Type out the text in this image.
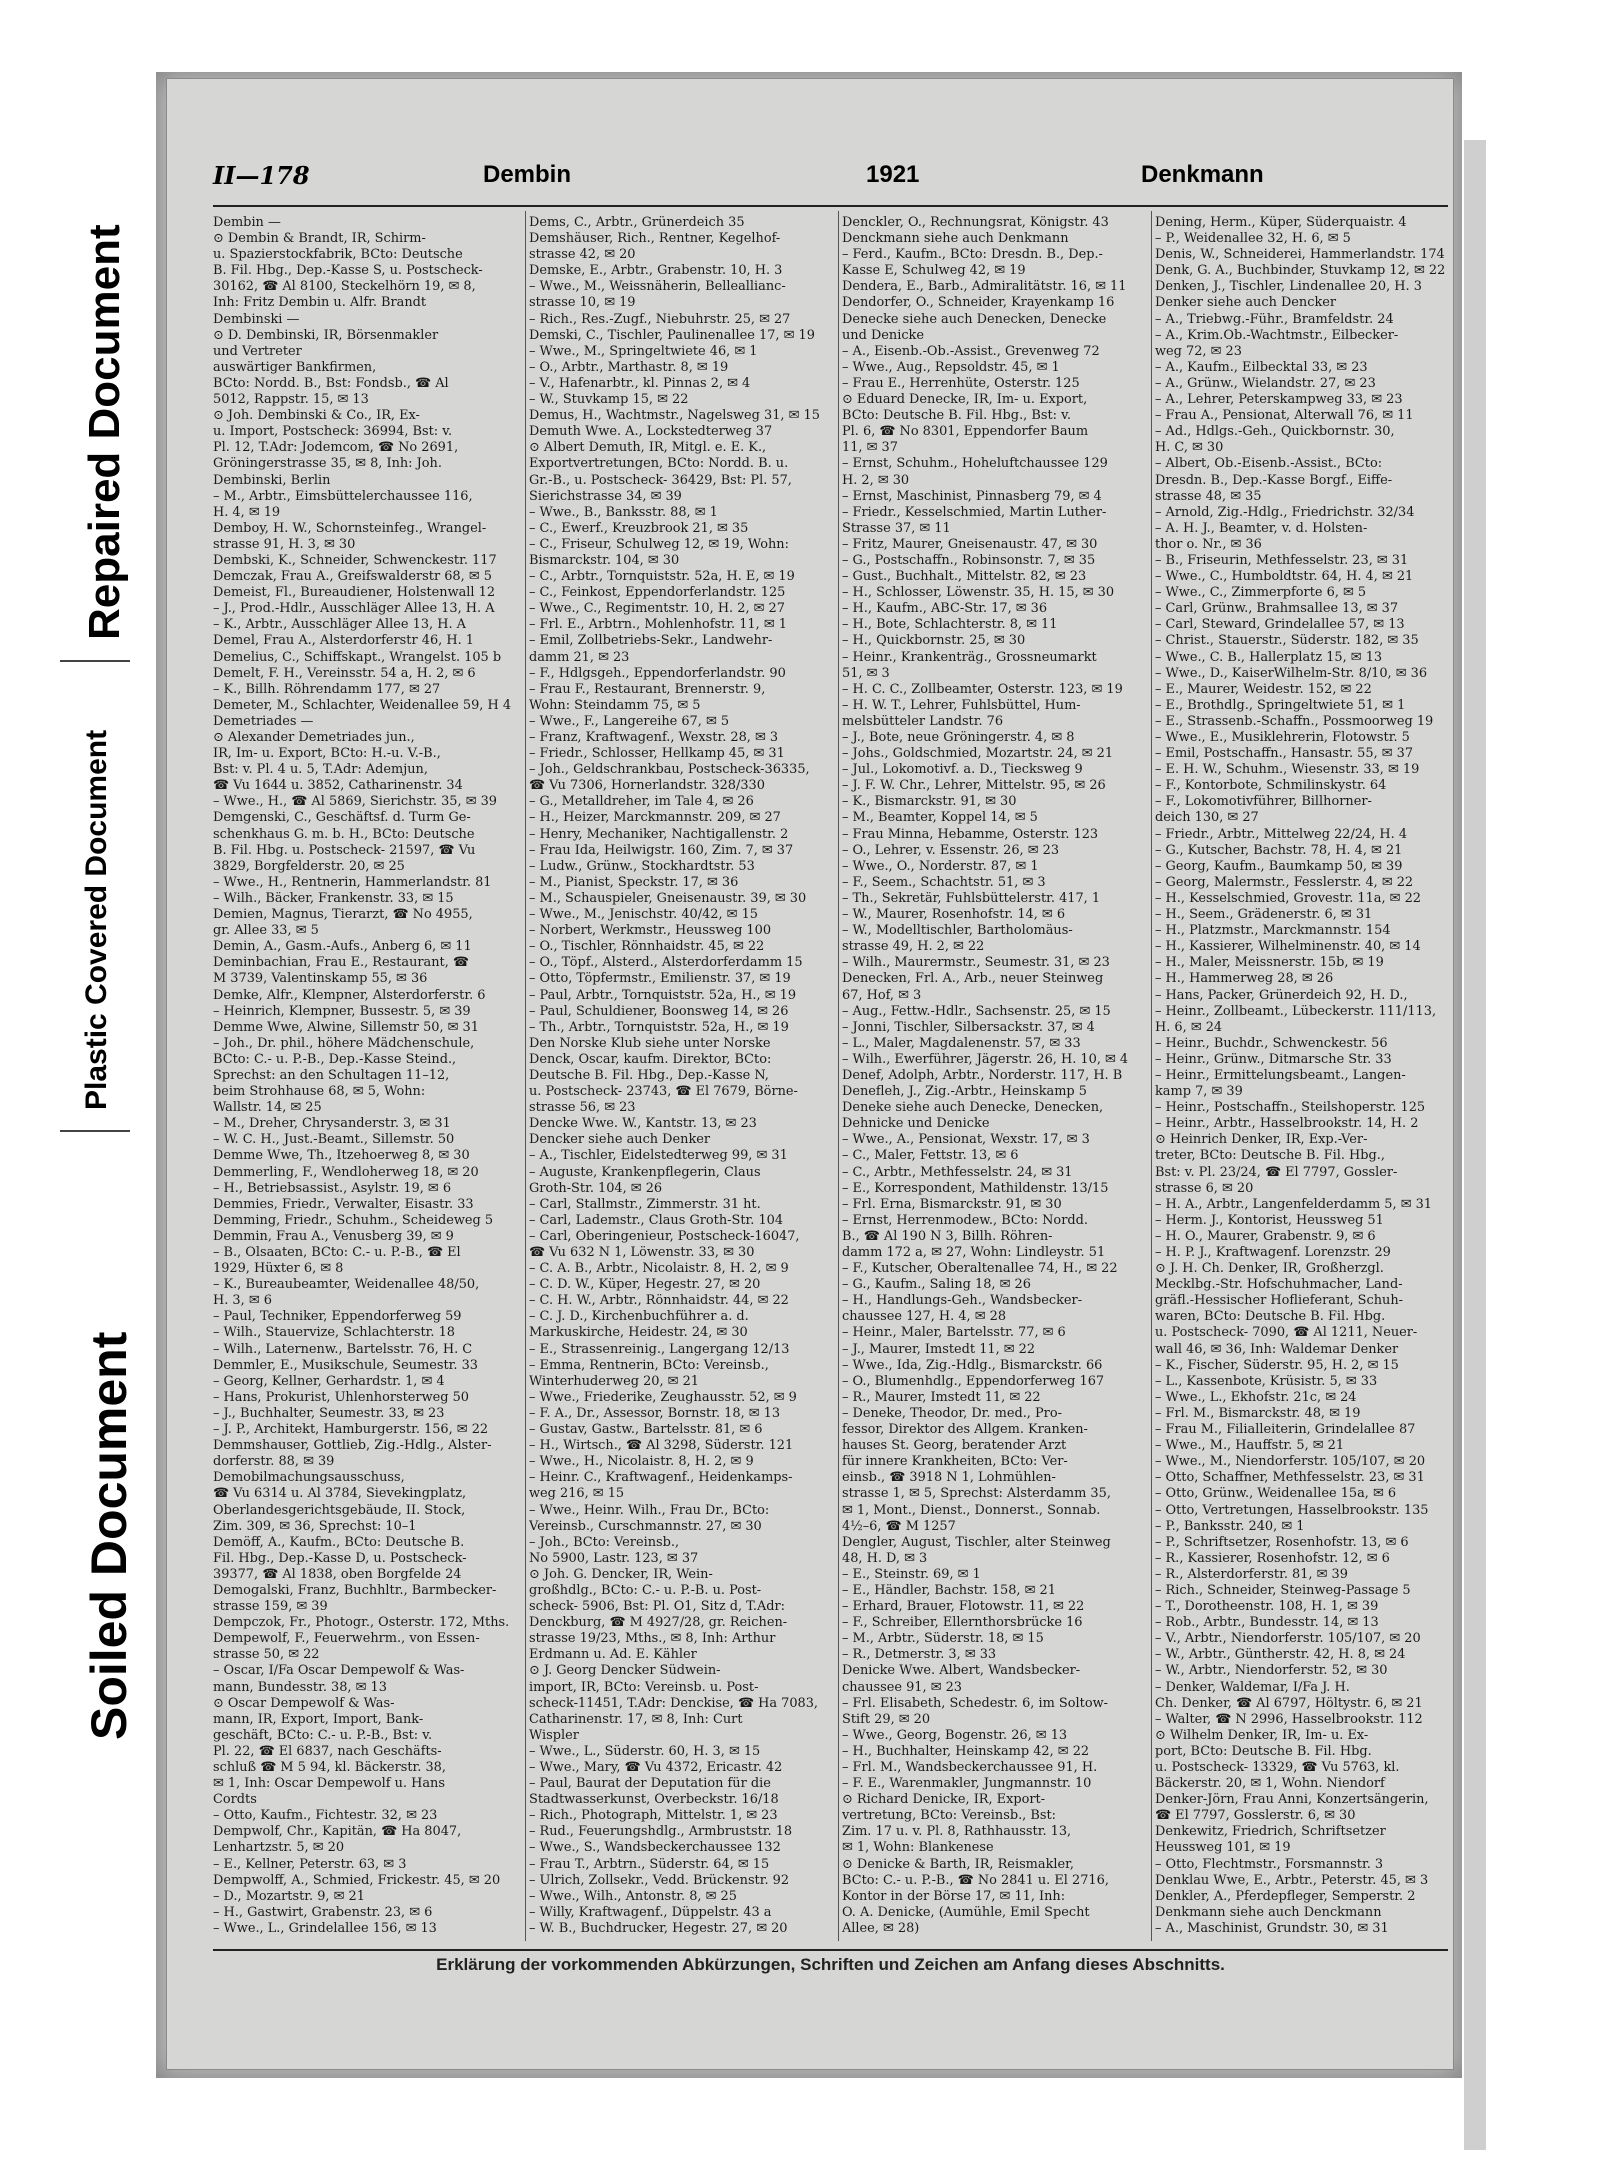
Repaired Document
Plastic Covered Document
Soiled Document
II—178	Dembin	1921	Denkmann
Dembin —
⊙ Dembin & Brandt, IR, Schirm-
u. Spazierstockfabrik, BCto: Deutsche
B. Fil. Hbg., Dep.-Kasse S, u. Postscheck-
30162, ☎ Al 8100, Steckelhörn 19, ✉ 8,
Inh: Fritz Dembin u. Alfr. Brandt
Dembinski —
⊙ D. Dembinski, IR, Börsenmakler
und Vertreter
auswärtiger Bankfirmen,
BCto: Nordd. B., Bst: Fondsb., ☎ Al
5012, Rappstr. 15, ✉ 13
⊙ Joh. Dembinski & Co., IR, Ex-
u. Import, Postscheck: 36994, Bst: v.
Pl. 12, T.Adr: Jodemcom, ☎ No 2691,
Gröningerstrasse 35, ✉ 8, Inh: Joh.
Dembinski, Berlin
– M., Arbtr., Eimsbüttelerchaussee 116,
H. 4, ✉ 19
Demboy, H. W., Schornsteinfeg., Wrangel-
strasse 91, H. 3, ✉ 30
Dembski, K., Schneider, Schwenckestr. 117
Demczak, Frau A., Greifswalderstr 68, ✉ 5
Demeist, Fl., Bureaudiener, Holstenwall 12
– J., Prod.-Hdlr., Ausschläger Allee 13, H. A
– K., Arbtr., Ausschläger Allee 13, H. A
Demel, Frau A., Alsterdorferstr 46, H. 1
Demelius, C., Schiffskapt., Wrangelst. 105 b
Demelt, F. H., Vereinsstr. 54 a, H. 2, ✉ 6
– K., Billh. Röhrendamm 177, ✉ 27
Demeter, M., Schlachter, Weidenallee 59, H 4
Demetriades —
⊙ Alexander Demetriades jun.,
IR, Im- u. Export, BCto: H.-u. V.-B.,
Bst: v. Pl. 4 u. 5, T.Adr: Ademjun,
☎ Vu 1644 u. 3852, Catharinenstr. 34
– Wwe., H., ☎ Al 5869, Sierichstr. 35, ✉ 39
Demgenski, C., Geschäftsf. d. Turm Ge-
schenkhaus G. m. b. H., BCto: Deutsche
B. Fil. Hbg. u. Postscheck- 21597, ☎ Vu
3829, Borgfelderstr. 20, ✉ 25
– Wwe., H., Rentnerin, Hammerlandstr. 81
– Wilh., Bäcker, Frankenstr. 33, ✉ 15
Demien, Magnus, Tierarzt, ☎ No 4955,
gr. Allee 33, ✉ 5
Demin, A., Gasm.-Aufs., Anberg 6, ✉ 11
Deminbachian, Frau E., Restaurant, ☎
M 3739, Valentinskamp 55, ✉ 36
Demke, Alfr., Klempner, Alsterdorferstr. 6
– Heinrich, Klempner, Bussestr. 5, ✉ 39
Demme Wwe, Alwine, Sillemstr 50, ✉ 31
– Joh., Dr. phil., höhere Mädchenschule,
BCto: C.- u. P.-B., Dep.-Kasse Steind.,
Sprechst: an den Schultagen 11–12,
beim Strohhause 68, ✉ 5, Wohn:
Wallstr. 14, ✉ 25
– M., Dreher, Chrysanderstr. 3, ✉ 31
– W. C. H., Just.-Beamt., Sillemstr. 50
Demme Wwe, Th., Itzehoerweg 8, ✉ 30
Demmerling, F., Wendloherweg 18, ✉ 20
– H., Betriebsassist., Asylstr. 19, ✉ 6
Demmies, Friedr., Verwalter, Eisastr. 33
Demming, Friedr., Schuhm., Scheideweg 5
Demmin, Frau A., Venusberg 39, ✉ 9
– B., Ölsaaten, BCto: C.- u. P.-B., ☎ El
1929, Hüxter 6, ✉ 8
– K., Bureaubeamter, Weidenallee 48/50,
H. 3, ✉ 6
– Paul, Techniker, Eppendorferweg 59
– Wilh., Stauervize, Schlachterstr. 18
– Wilh., Laternenw., Bartelsstr. 76, H. C
Demmler, E., Musikschule, Seumestr. 33
– Georg, Kellner, Gerhardstr. 1, ✉ 4
– Hans, Prokurist, Uhlenhorsterweg 50
– J., Buchhalter, Seumestr. 33, ✉ 23
– J. P., Architekt, Hamburgerstr. 156, ✉ 22
Demmshauser, Gottlieb, Zig.-Hdlg., Alster-
dorferstr. 88, ✉ 39
Demobilmachungsausschuss,
☎ Vu 6314 u. Al 3784, Sievekingplatz,
Oberlandesgerichtsgebäude, II. Stock,
Zim. 309, ✉ 36, Sprechst: 10–1
Demöff, A., Kaufm., BCto: Deutsche B.
Fil. Hbg., Dep.-Kasse D, u. Postscheck-
39377, ☎ Al 1838, oben Borgfelde 24
Demogalski, Franz, Buchhltr., Barmbecker-
strasse 159, ✉ 39
Dempczok, Fr., Photogr., Osterstr. 172, Mths.
Dempewolf, F., Feuerwehrm., von Essen-
strasse 50, ✉ 22
– Oscar, I/Fa Oscar Dempewolf & Was-
mann, Bundesstr. 38, ✉ 13
⊙ Oscar Dempewolf & Was-
mann, IR, Export, Import, Bank-
geschäft, BCto: C.- u. P.-B., Bst: v.
Pl. 22, ☎ El 6837, nach Geschäfts-
schluß ☎ M 5 94, kl. Bäckerstr. 38,
✉ 1, Inh: Oscar Dempewolf u. Hans
Cordts
– Otto, Kaufm., Fichtestr. 32, ✉ 23
Dempwolf, Chr., Kapitän, ☎ Ha 8047,
Lenhartzstr. 5, ✉ 20
– E., Kellner, Peterstr. 63, ✉ 3
Dempwolff, A., Schmied, Frickestr. 45, ✉ 20
– D., Mozartstr. 9, ✉ 21
– H., Gastwirt, Grabenstr. 23, ✉ 6
– Wwe., L., Grindelallee 156, ✉ 13
Dems, C., Arbtr., Grünerdeich 35
Demshäuser, Rich., Rentner, Kegelhof-
strasse 42, ✉ 20
Demske, E., Arbtr., Grabenstr. 10, H. 3
– Wwe., M., Weissnäherin, Belleallianc-
strasse 10, ✉ 19
– Rich., Res.-Zugf., Niebuhrstr. 25, ✉ 27
Demski, C., Tischler, Paulinenallee 17, ✉ 19
– Wwe., M., Springeltwiete 46, ✉ 1
– O., Arbtr., Marthastr. 8, ✉ 19
– V., Hafenarbtr., kl. Pinnas 2, ✉ 4
– W., Stuvkamp 15, ✉ 22
Demus, H., Wachtmstr., Nagelsweg 31, ✉ 15
Demuth Wwe. A., Lockstedterweg 37
⊙ Albert Demuth, IR, Mitgl. e. E. K.,
Exportvertretungen, BCto: Nordd. B. u.
Gr.-B., u. Postscheck- 36429, Bst: Pl. 57,
Sierichstrasse 34, ✉ 39
– Wwe., B., Banksstr. 88, ✉ 1
– C., Ewerf., Kreuzbrook 21, ✉ 35
– C., Friseur, Schulweg 12, ✉ 19, Wohn:
Bismarckstr. 104, ✉ 30
– C., Arbtr., Tornquiststr. 52a, H. E, ✉ 19
– C., Feinkost, Eppendorferlandstr. 125
– Wwe., C., Regimentstr. 10, H. 2, ✉ 27
– Frl. E., Arbtrn., Mohlenhofstr. 11, ✉ 1
– Emil, Zollbetriebs-Sekr., Landwehr-
damm 21, ✉ 23
– F., Hdlgsgeh., Eppendorferlandstr. 90
– Frau F., Restaurant, Brennerstr. 9,
Wohn: Steindamm 75, ✉ 5
– Wwe., F., Langereihe 67, ✉ 5
– Franz, Kraftwagenf., Wexstr. 28, ✉ 3
– Friedr., Schlosser, Hellkamp 45, ✉ 31
– Joh., Geldschrankbau, Postscheck-36335,
☎ Vu 7306, Hornerlandstr. 328/330
– G., Metalldreher, im Tale 4, ✉ 26
– H., Heizer, Marckmannstr. 209, ✉ 27
– Henry, Mechaniker, Nachtigallenstr. 2
– Frau Ida, Heilwigstr. 160, Zim. 7, ✉ 37
– Ludw., Grünw., Stockhardtstr. 53
– M., Pianist, Speckstr. 17, ✉ 36
– M., Schauspieler, Gneisenaustr. 39, ✉ 30
– Wwe., M., Jenischstr. 40/42, ✉ 15
– Norbert, Werkmstr., Heussweg 100
– O., Tischler, Rönnhaidstr. 45, ✉ 22
– O., Töpf., Alsterd., Alsterdorferdamm 15
– Otto, Töpfermstr., Emilienstr. 37, ✉ 19
– Paul, Arbtr., Tornquiststr. 52a, H., ✉ 19
– Paul, Schuldiener, Boonsweg 14, ✉ 26
– Th., Arbtr., Tornquiststr. 52a, H., ✉ 19
Den Norske Klub siehe unter Norske
Denck, Oscar, kaufm. Direktor, BCto:
Deutsche B. Fil. Hbg., Dep.-Kasse N,
u. Postscheck- 23743, ☎ El 7679, Börne-
strasse 56, ✉ 23
Dencke Wwe. W., Kantstr. 13, ✉ 23
Dencker siehe auch Denker
– A., Tischler, Eidelstedterweg 99, ✉ 31
– Auguste, Krankenpflegerin, Claus
Groth-Str. 104, ✉ 26
– Carl, Stallmstr., Zimmerstr. 31 ht.
– Carl, Lademstr., Claus Groth-Str. 104
– Carl, Oberingenieur, Postscheck-16047,
☎ Vu 632 N 1, Löwenstr. 33, ✉ 30
– C. A. B., Arbtr., Nicolaistr. 8, H. 2, ✉ 9
– C. D. W., Küper, Hegestr. 27, ✉ 20
– C. H. W., Arbtr., Rönnhaidstr. 44, ✉ 22
– C. J. D., Kirchenbuchführer a. d.
Markuskirche, Heidestr. 24, ✉ 30
– E., Strassenreinig., Langergang 12/13
– Emma, Rentnerin, BCto: Vereinsb.,
Winterhuderweg 20, ✉ 21
– Wwe., Friederike, Zeughausstr. 52, ✉ 9
– F. A., Dr., Assessor, Bornstr. 18, ✉ 13
– Gustav, Gastw., Bartelsstr. 81, ✉ 6
– H., Wirtsch., ☎ Al 3298, Süderstr. 121
– Wwe., H., Nicolaistr. 8, H. 2, ✉ 9
– Heinr. C., Kraftwagenf., Heidenkamps-
weg 216, ✉ 15
– Wwe., Heinr. Wilh., Frau Dr., BCto:
Vereinsb., Curschmannstr. 27, ✉ 30
– Joh., BCto: Vereinsb.,
No 5900, Lastr. 123, ✉ 37
⊙ Joh. G. Dencker, IR, Wein-
großhdlg., BCto: C.- u. P.-B. u. Post-
scheck- 5906, Bst: Pl. O1, Sitz d, T.Adr:
Denckburg, ☎ M 4927/28, gr. Reichen-
strasse 19/23, Mths., ✉ 8, Inh: Arthur
Erdmann u. Ad. E. Kähler
⊙ J. Georg Dencker Südwein-
import, IR, BCto: Vereinsb. u. Post-
scheck-11451, T.Adr: Denckise, ☎ Ha 7083,
Catharinenstr. 17, ✉ 8, Inh: Curt
Wispler
– Wwe., L., Süderstr. 60, H. 3, ✉ 15
– Wwe., Mary, ☎ Vu 4372, Ericastr. 42
– Paul, Baurat der Deputation für die
Stadtwasserkunst, Overbeckstr. 16/18
– Rich., Photograph, Mittelstr. 1, ✉ 23
– Rud., Feuerungshdlg., Armbruststr. 18
– Wwe., S., Wandsbeckerchaussee 132
– Frau T., Arbtrn., Süderstr. 64, ✉ 15
– Ulrich, Zollsekr., Vedd. Brückenstr. 92
– Wwe., Wilh., Antonstr. 8, ✉ 25
– Willy, Kraftwagenf., Düppelstr. 43 a
– W. B., Buchdrucker, Hegestr. 27, ✉ 20
Denckler, O., Rechnungsrat, Königstr. 43
Denckmann siehe auch Denkmann
– Ferd., Kaufm., BCto: Dresdn. B., Dep.-
Kasse E, Schulweg 42, ✉ 19
Dendera, E., Barb., Admiralitätstr. 16, ✉ 11
Dendorfer, O., Schneider, Krayenkamp 16
Denecke siehe auch Denecken, Denecke
und Denicke
– A., Eisenb.-Ob.-Assist., Grevenweg 72
– Wwe., Aug., Repsoldstr. 45, ✉ 1
– Frau E., Herrenhüte, Osterstr. 125
⊙ Eduard Denecke, IR, Im- u. Export,
BCto: Deutsche B. Fil. Hbg., Bst: v.
Pl. 6, ☎ No 8301, Eppendorfer Baum
11, ✉ 37
– Ernst, Schuhm., Hoheluftchaussee 129
H. 2, ✉ 30
– Ernst, Maschinist, Pinnasberg 79, ✉ 4
– Friedr., Kesselschmied, Martin Luther-
Strasse 37, ✉ 11
– Fritz, Maurer, Gneisenaustr. 47, ✉ 30
– G., Postschaffn., Robinsonstr. 7, ✉ 35
– Gust., Buchhalt., Mittelstr. 82, ✉ 23
– H., Schlosser, Löwenstr. 35, H. 15, ✉ 30
– H., Kaufm., ABC-Str. 17, ✉ 36
– H., Bote, Schlachterstr. 8, ✉ 11
– H., Quickbornstr. 25, ✉ 30
– Heinr., Krankenträg., Grossneumarkt
51, ✉ 3
– H. C. C., Zollbeamter, Osterstr. 123, ✉ 19
– H. W. T., Lehrer, Fuhlsbüttel, Hum-
melsbütteler Landstr. 76
– J., Bote, neue Gröningerstr. 4, ✉ 8
– Johs., Goldschmied, Mozartstr. 24, ✉ 21
– Jul., Lokomotivf. a. D., Tiecksweg 9
– J. F. W. Chr., Lehrer, Mittelstr. 95, ✉ 26
– K., Bismarckstr. 91, ✉ 30
– M., Beamter, Koppel 14, ✉ 5
– Frau Minna, Hebamme, Osterstr. 123
– O., Lehrer, v. Essenstr. 26, ✉ 23
– Wwe., O., Norderstr. 87, ✉ 1
– F., Seem., Schachtstr. 51, ✉ 3
– Th., Sekretär, Fuhlsbüttelerstr. 417, 1
– W., Maurer, Rosenhofstr. 14, ✉ 6
– W., Modelltischler, Bartholomäus-
strasse 49, H. 2, ✉ 22
– Wilh., Maurermstr., Seumestr. 31, ✉ 23
Denecken, Frl. A., Arb., neuer Steinweg
67, Hof, ✉ 3
– Aug., Fettw.-Hdlr., Sachsenstr. 25, ✉ 15
– Jonni, Tischler, Silbersackstr. 37, ✉ 4
– L., Maler, Magdalenenstr. 57, ✉ 33
– Wilh., Ewerführer, Jägerstr. 26, H. 10, ✉ 4
Denef, Adolph, Arbtr., Norderstr. 117, H. B
Denefleh, J., Zig.-Arbtr., Heinskamp 5
Deneke siehe auch Denecke, Denecken,
Dehnicke und Denicke
– Wwe., A., Pensionat, Wexstr. 17, ✉ 3
– C., Maler, Fettstr. 13, ✉ 6
– C., Arbtr., Methfesselstr. 24, ✉ 31
– E., Korrespondent, Mathildenstr. 13/15
– Frl. Erna, Bismarckstr. 91, ✉ 30
– Ernst, Herrenmodew., BCto: Nordd.
B., ☎ Al 190 N 3, Billh. Röhren-
damm 172 a, ✉ 27, Wohn: Lindleystr. 51
– F., Kutscher, Oberaltenallee 74, H., ✉ 22
– G., Kaufm., Saling 18, ✉ 26
– H., Handlungs-Geh., Wandsbecker-
chaussee 127, H. 4, ✉ 28
– Heinr., Maler, Bartelsstr. 77, ✉ 6
– J., Maurer, Imstedt 11, ✉ 22
– Wwe., Ida, Zig.-Hdlg., Bismarckstr. 66
– O., Blumenhdlg., Eppendorferweg 167
– R., Maurer, Imstedt 11, ✉ 22
– Deneke, Theodor, Dr. med., Pro-
fessor, Direktor des Allgem. Kranken-
hauses St. Georg, beratender Arzt
für innere Krankheiten, BCto: Ver-
einsb., ☎ 3918 N 1, Lohmühlen-
strasse 1, ✉ 5, Sprechst: Alsterdamm 35,
✉ 1, Mont., Dienst., Donnerst., Sonnab.
4½–6, ☎ M 1257
Dengler, August, Tischler, alter Steinweg
48, H. D, ✉ 3
– E., Steinstr. 69, ✉ 1
– E., Händler, Bachstr. 158, ✉ 21
– Erhard, Brauer, Flotowstr. 11, ✉ 22
– F., Schreiber, Ellernthorsbrücke 16
– M., Arbtr., Süderstr. 18, ✉ 15
– R., Detmerstr. 3, ✉ 33
Denicke Wwe. Albert, Wandsbecker-
chaussee 91, ✉ 23
– Frl. Elisabeth, Schedestr. 6, im Soltow-
Stift 29, ✉ 20
– Wwe., Georg, Bogenstr. 26, ✉ 13
– H., Buchhalter, Heinskamp 42, ✉ 22
– Frl. M., Wandsbeckerchaussee 91, H.
– F. E., Warenmakler, Jungmannstr. 10
⊙ Richard Denicke, IR, Export-
vertretung, BCto: Vereinsb., Bst:
Zim. 17 u. v. Pl. 8, Rathhausstr. 13,
✉ 1, Wohn: Blankenese
⊙ Denicke & Barth, IR, Reismakler,
BCto: C.- u. P.-B., ☎ No 2841 u. El 2716,
Kontor in der Börse 17, ✉ 11, Inh:
O. A. Denicke, (Aumühle, Emil Specht
Allee, ✉ 28)
Dening, Herm., Küper, Süderquaistr. 4
– P., Weidenallee 32, H. 6, ✉ 5
Denis, W., Schneiderei, Hammerlandstr. 174
Denk, G. A., Buchbinder, Stuvkamp 12, ✉ 22
Denken, J., Tischler, Lindenallee 20, H. 3
Denker siehe auch Dencker
– A., Triebwg.-Führ., Bramfeldstr. 24
– A., Krim.Ob.-Wachtmstr., Eilbecker-
weg 72, ✉ 23
– A., Kaufm., Eilbecktal 33, ✉ 23
– A., Grünw., Wielandstr. 27, ✉ 23
– A., Lehrer, Peterskampweg 33, ✉ 23
– Frau A., Pensionat, Alterwall 76, ✉ 11
– Ad., Hdlgs.-Geh., Quickbornstr. 30,
H. C, ✉ 30
– Albert, Ob.-Eisenb.-Assist., BCto:
Dresdn. B., Dep.-Kasse Borgf., Eiffe-
strasse 48, ✉ 35
– Arnold, Zig.-Hdlg., Friedrichstr. 32/34
– A. H. J., Beamter, v. d. Holsten-
thor o. Nr., ✉ 36
– B., Friseurin, Methfesselstr. 23, ✉ 31
– Wwe., C., Humboldtstr. 64, H. 4, ✉ 21
– Wwe., C., Zimmerpforte 6, ✉ 5
– Carl, Grünw., Brahmsallee 13, ✉ 37
– Carl, Steward, Grindelallee 57, ✉ 13
– Christ., Stauerstr., Süderstr. 182, ✉ 35
– Wwe., C. B., Hallerplatz 15, ✉ 13
– Wwe., D., KaiserWilhelm-Str. 8/10, ✉ 36
– E., Maurer, Weidestr. 152, ✉ 22
– E., Brothdlg., Springeltwiete 51, ✉ 1
– E., Strassenb.-Schaffn., Possmoorweg 19
– Wwe., E., Musiklehrerin, Flotowstr. 5
– Emil, Postschaffn., Hansastr. 55, ✉ 37
– E. H. W., Schuhm., Wiesenstr. 33, ✉ 19
– F., Kontorbote, Schmilinskystr. 64
– F., Lokomotivführer, Billhorner-
deich 130, ✉ 27
– Friedr., Arbtr., Mittelweg 22/24, H. 4
– G., Kutscher, Bachstr. 78, H. 4, ✉ 21
– Georg, Kaufm., Baumkamp 50, ✉ 39
– Georg, Malermstr., Fesslerstr. 4, ✉ 22
– H., Kesselschmied, Grovestr. 11a, ✉ 22
– H., Seem., Grädenerstr. 6, ✉ 31
– H., Platzmstr., Marckmannstr. 154
– H., Kassierer, Wilhelminenstr. 40, ✉ 14
– H., Maler, Meissnerstr. 15b, ✉ 19
– H., Hammerweg 28, ✉ 26
– Hans, Packer, Grünerdeich 92, H. D.,
– Heinr., Zollbeamt., Lübeckerstr. 111/113,
H. 6, ✉ 24
– Heinr., Buchdr., Schwenckestr. 56
– Heinr., Grünw., Ditmarsche Str. 33
– Heinr., Ermittelungsbeamt., Langen-
kamp 7, ✉ 39
– Heinr., Postschaffn., Steilshoperstr. 125
– Heinr., Arbtr., Hasselbrookstr. 14, H. 2
⊙ Heinrich Denker, IR, Exp.-Ver-
treter, BCto: Deutsche B. Fil. Hbg.,
Bst: v. Pl. 23/24, ☎ El 7797, Gossler-
strasse 6, ✉ 20
– H. A., Arbtr., Langenfelderdamm 5, ✉ 31
– Herm. J., Kontorist, Heussweg 51
– H. O., Maurer, Grabenstr. 9, ✉ 6
– H. P. J., Kraftwagenf. Lorenzstr. 29
⊙ J. H. Ch. Denker, IR, Großherzgl.
Mecklbg.-Str. Hofschuhmacher, Land-
gräfl.-Hessischer Hoflieferant, Schuh-
waren, BCto: Deutsche B. Fil. Hbg.
u. Postscheck- 7090, ☎ Al 1211, Neuer-
wall 46, ✉ 36, Inh: Waldemar Denker
– K., Fischer, Süderstr. 95, H. 2, ✉ 15
– L., Kassenbote, Krüsistr. 5, ✉ 33
– Wwe., L., Ekhofstr. 21c, ✉ 24
– Frl. M., Bismarckstr. 48, ✉ 19
– Frau M., Filialleiterin, Grindelallee 87
– Wwe., M., Hauffstr. 5, ✉ 21
– Wwe., M., Niendorferstr. 105/107, ✉ 20
– Otto, Schaffner, Methfesselstr. 23, ✉ 31
– Otto, Grünw., Weidenallee 15a, ✉ 6
– Otto, Vertretungen, Hasselbrookstr. 135
– P., Banksstr. 240, ✉ 1
– P., Schriftsetzer, Rosenhofstr. 13, ✉ 6
– R., Kassierer, Rosenhofstr. 12, ✉ 6
– R., Alsterdorferstr. 81, ✉ 39
– Rich., Schneider, Steinweg-Passage 5
– T., Dorotheenstr. 108, H. 1, ✉ 39
– Rob., Arbtr., Bundesstr. 14, ✉ 13
– V., Arbtr., Niendorferstr. 105/107, ✉ 20
– W., Arbtr., Güntherstr. 42, H. 8, ✉ 24
– W., Arbtr., Niendorferstr. 52, ✉ 30
– Denker, Waldemar, I/Fa J. H.
Ch. Denker, ☎ Al 6797, Höltystr. 6, ✉ 21
– Walter, ☎ N 2996, Hasselbrookstr. 112
⊙ Wilhelm Denker, IR, Im- u. Ex-
port, BCto: Deutsche B. Fil. Hbg.
u. Postscheck- 13329, ☎ Vu 5763, kl.
Bäckerstr. 20, ✉ 1, Wohn. Niendorf
Denker-Jörn, Frau Anni, Konzertsängerin,
☎ El 7797, Gosslerstr. 6, ✉ 30
Denkewitz, Friedrich, Schriftsetzer
Heussweg 101, ✉ 19
– Otto, Flechtmstr., Forsmannstr. 3
Denklau Wwe, E., Arbtr., Peterstr. 45, ✉ 3
Denkler, A., Pferdepfleger, Semperstr. 2
Denkmann siehe auch Denckmann
– A., Maschinist, Grundstr. 30, ✉ 31
Erklärung der vorkommenden Abkürzungen, Schriften und Zeichen am Anfang dieses Abschnitts.
